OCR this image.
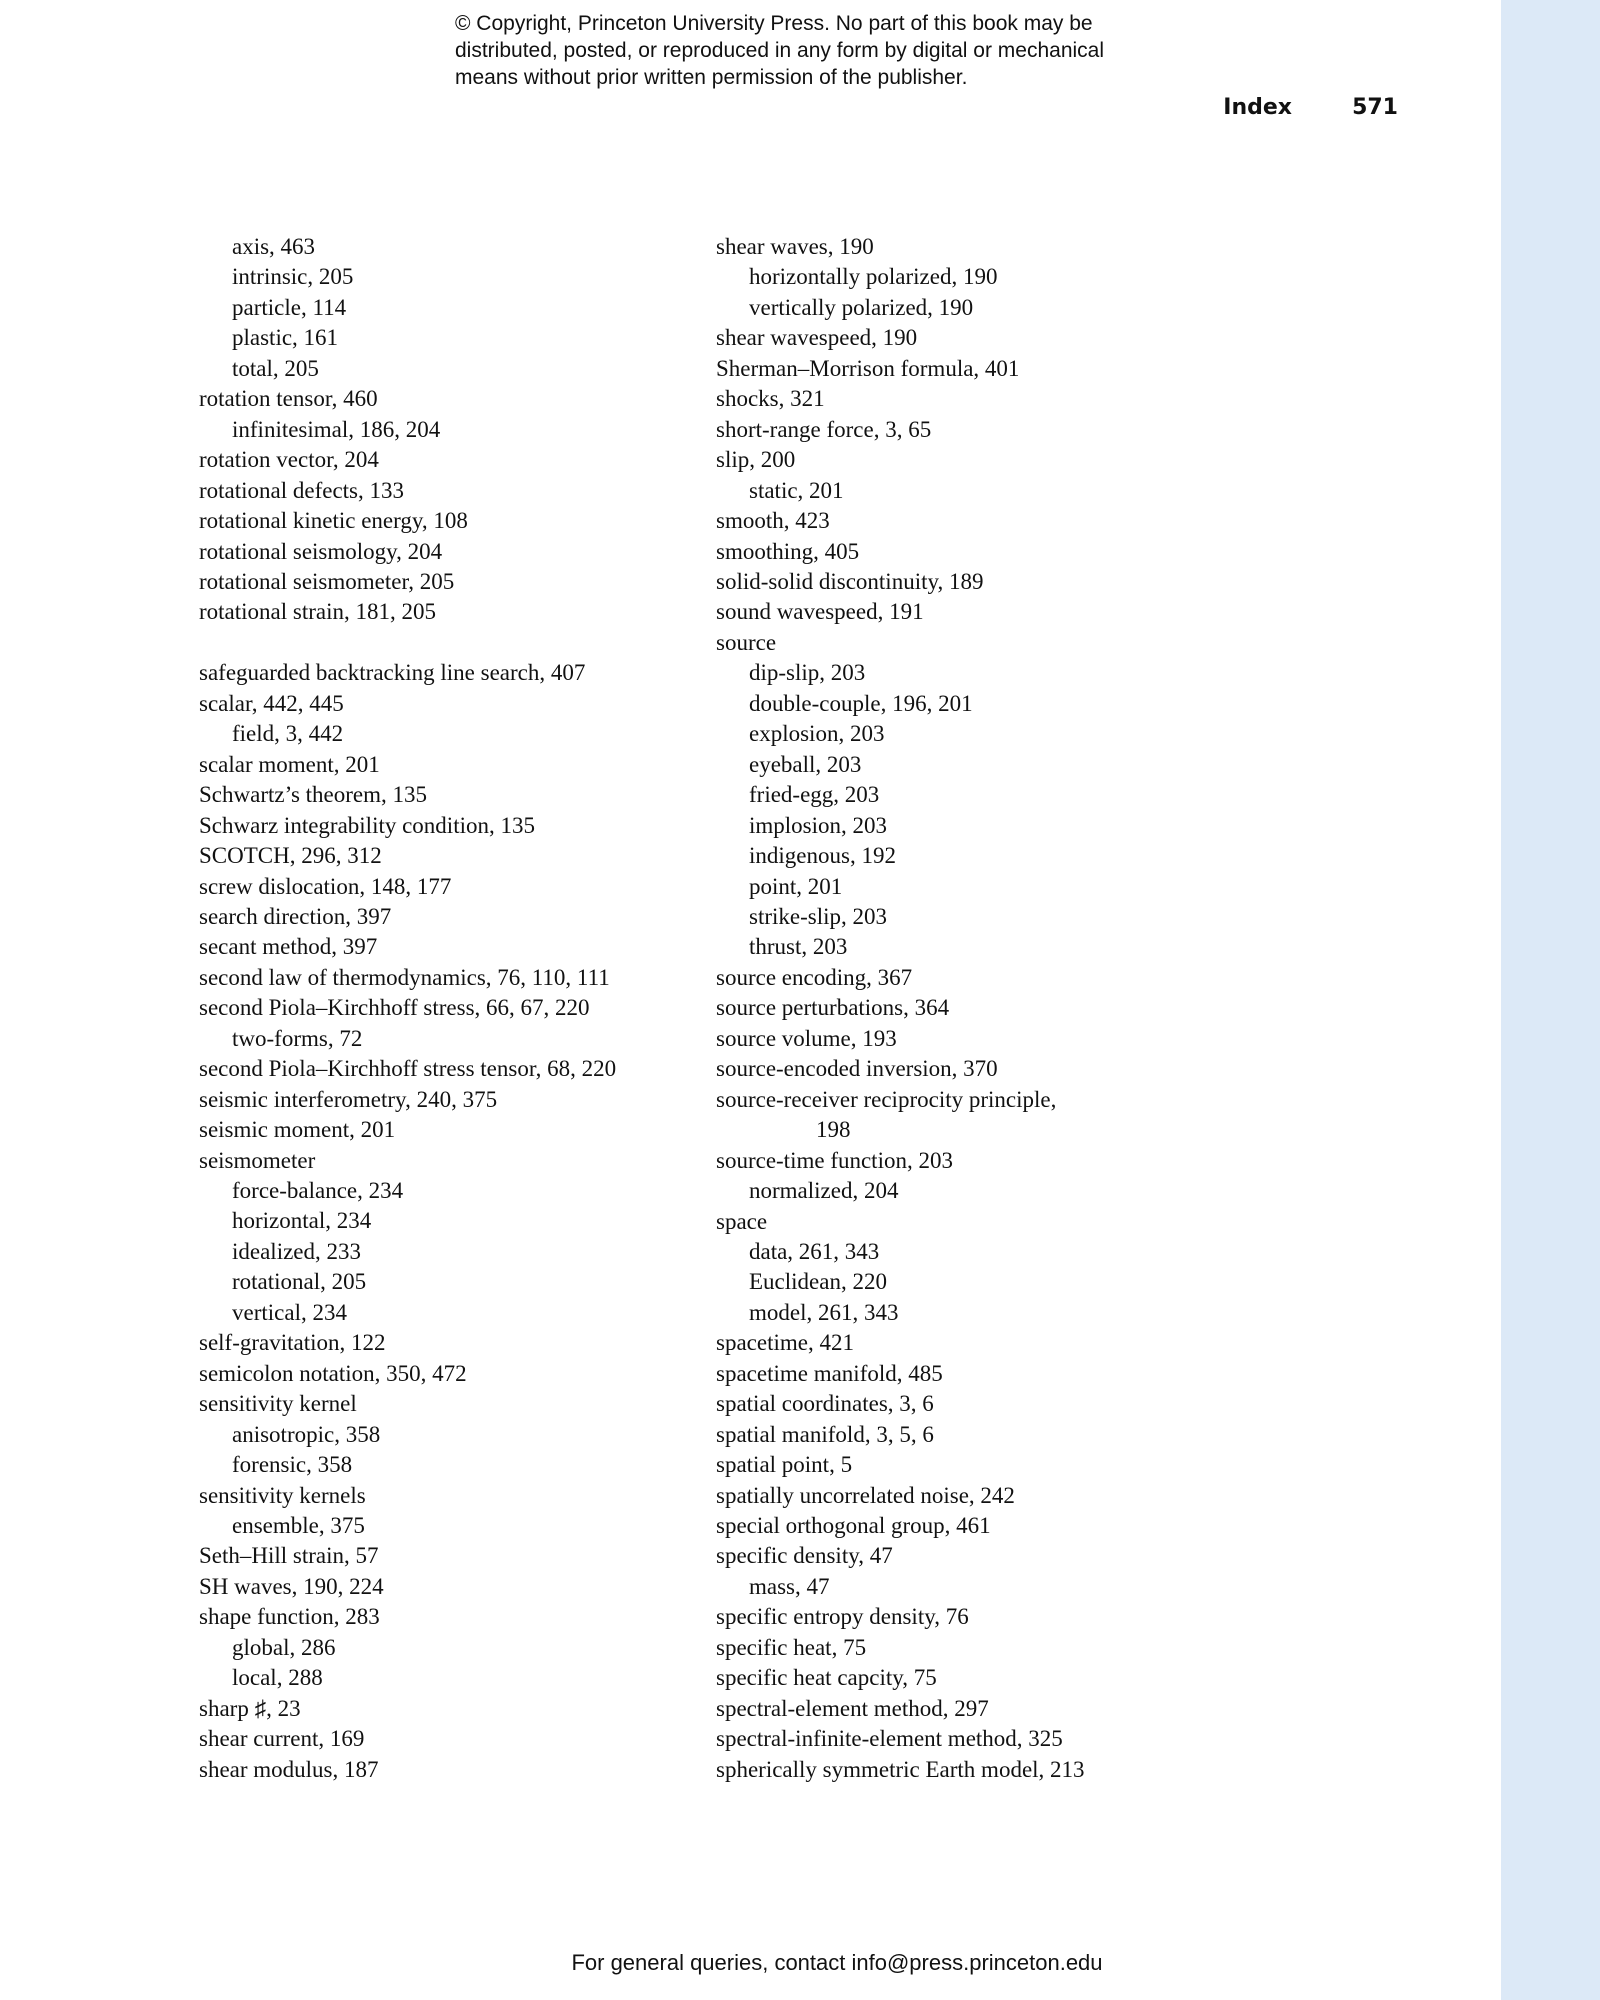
© Copyright, Princeton University Press. No part of this book may be
distributed, posted, or reproduced in any form by digital or mechanical
means without prior written permission of the publisher.
Index	571
axis, 463
intrinsic, 205
particle, 114
plastic, 161
total, 205
rotation tensor, 460
infinitesimal, 186, 204
rotation vector, 204
rotational defects, 133
rotational kinetic energy, 108
rotational seismology, 204
rotational seismometer, 205
rotational strain, 181, 205
safeguarded backtracking line search, 407
scalar, 442, 445
field, 3, 442
scalar moment, 201
Schwartz’s theorem, 135
Schwarz integrability condition, 135
SCOTCH, 296, 312
screw dislocation, 148, 177
search direction, 397
secant method, 397
second law of thermodynamics, 76, 110, 111
second Piola–Kirchhoff stress, 66, 67, 220
two-forms, 72
second Piola–Kirchhoff stress tensor, 68, 220
seismic interferometry, 240, 375
seismic moment, 201
seismometer
force-balance, 234
horizontal, 234
idealized, 233
rotational, 205
vertical, 234
self-gravitation, 122
semicolon notation, 350, 472
sensitivity kernel
anisotropic, 358
forensic, 358
sensitivity kernels
ensemble, 375
Seth–Hill strain, 57
SH waves, 190, 224
shape function, 283
global, 286
local, 288
sharp ♯, 23
shear current, 169
shear modulus, 187
shear waves, 190
horizontally polarized, 190
vertically polarized, 190
shear wavespeed, 190
Sherman–Morrison formula, 401
shocks, 321
short-range force, 3, 65
slip, 200
static, 201
smooth, 423
smoothing, 405
solid-solid discontinuity, 189
sound wavespeed, 191
source
dip-slip, 203
double-couple, 196, 201
explosion, 203
eyeball, 203
fried-egg, 203
implosion, 203
indigenous, 192
point, 201
strike-slip, 203
thrust, 203
source encoding, 367
source perturbations, 364
source volume, 193
source-encoded inversion, 370
source-receiver reciprocity principle,
198
source-time function, 203
normalized, 204
space
data, 261, 343
Euclidean, 220
model, 261, 343
spacetime, 421
spacetime manifold, 485
spatial coordinates, 3, 6
spatial manifold, 3, 5, 6
spatial point, 5
spatially uncorrelated noise, 242
special orthogonal group, 461
specific density, 47
mass, 47
specific entropy density, 76
specific heat, 75
specific heat capcity, 75
spectral-element method, 297
spectral-infinite-element method, 325
spherically symmetric Earth model, 213
For general queries, contact info@press.princeton.edu
